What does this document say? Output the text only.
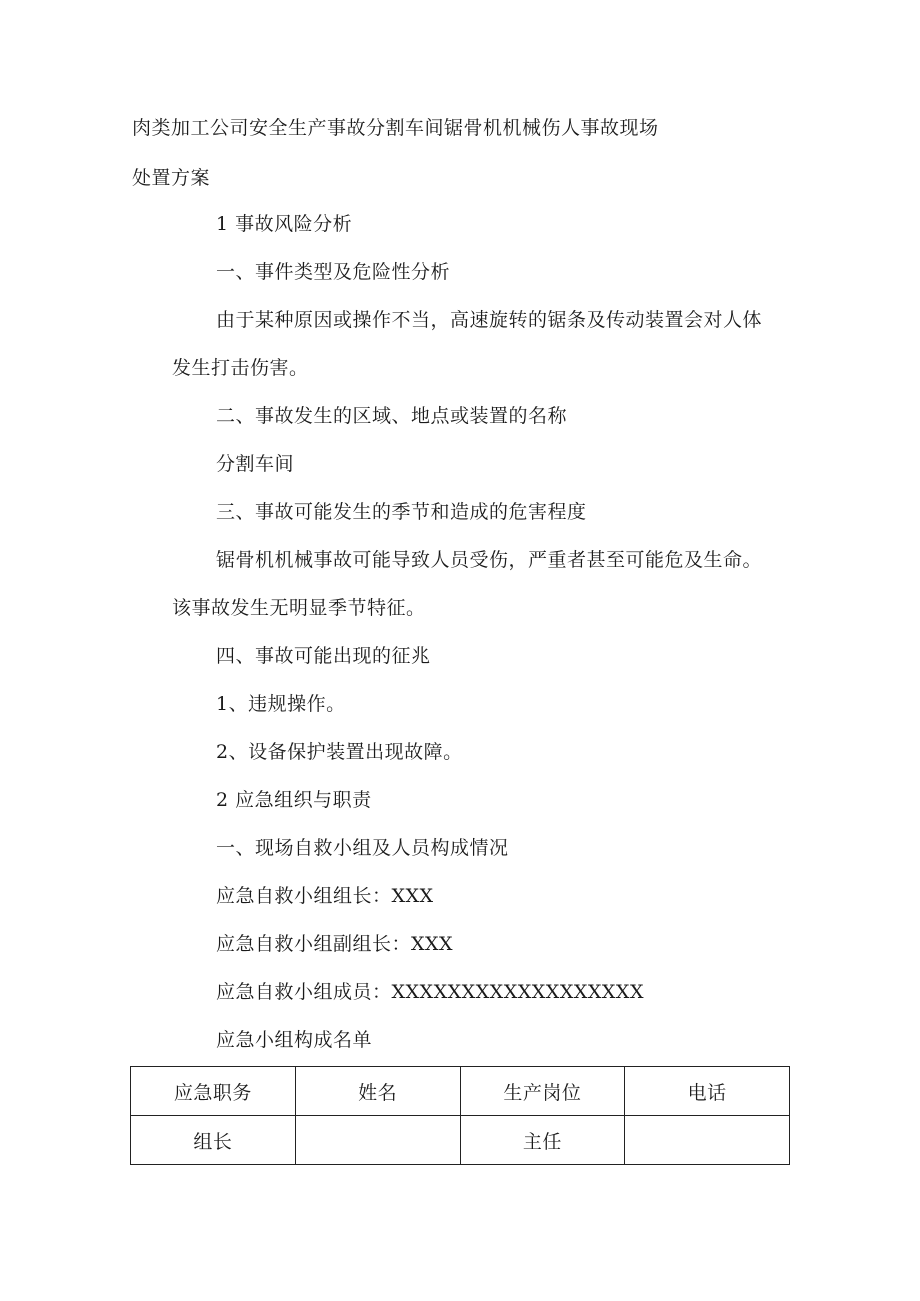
肉类加工公司安全生产事故分割车间锯骨机机械伤人事故现场
处置方案
1 事故风险分析
一、事件类型及危险性分析
由于某种原因或操作不当，高速旋转的锯条及传动装置会对人体
发生打击伤害。
二、事故发生的区域、地点或装置的名称
分割车间
三、事故可能发生的季节和造成的危害程度
锯骨机机械事故可能导致人员受伤，严重者甚至可能危及生命。
该事故发生无明显季节特征。
四、事故可能出现的征兆
1、违规操作。
2、设备保护装置出现故障。
2 应急组织与职责
一、现场自救小组及人员构成情况
应急自救小组组长：XXX
应急自救小组副组长：XXX
应急自救小组成员：XXXXXXXXXXXXXXXXXX
应急小组构成名单
应急职务	姓名	生产岗位	电话
组长		主任	
